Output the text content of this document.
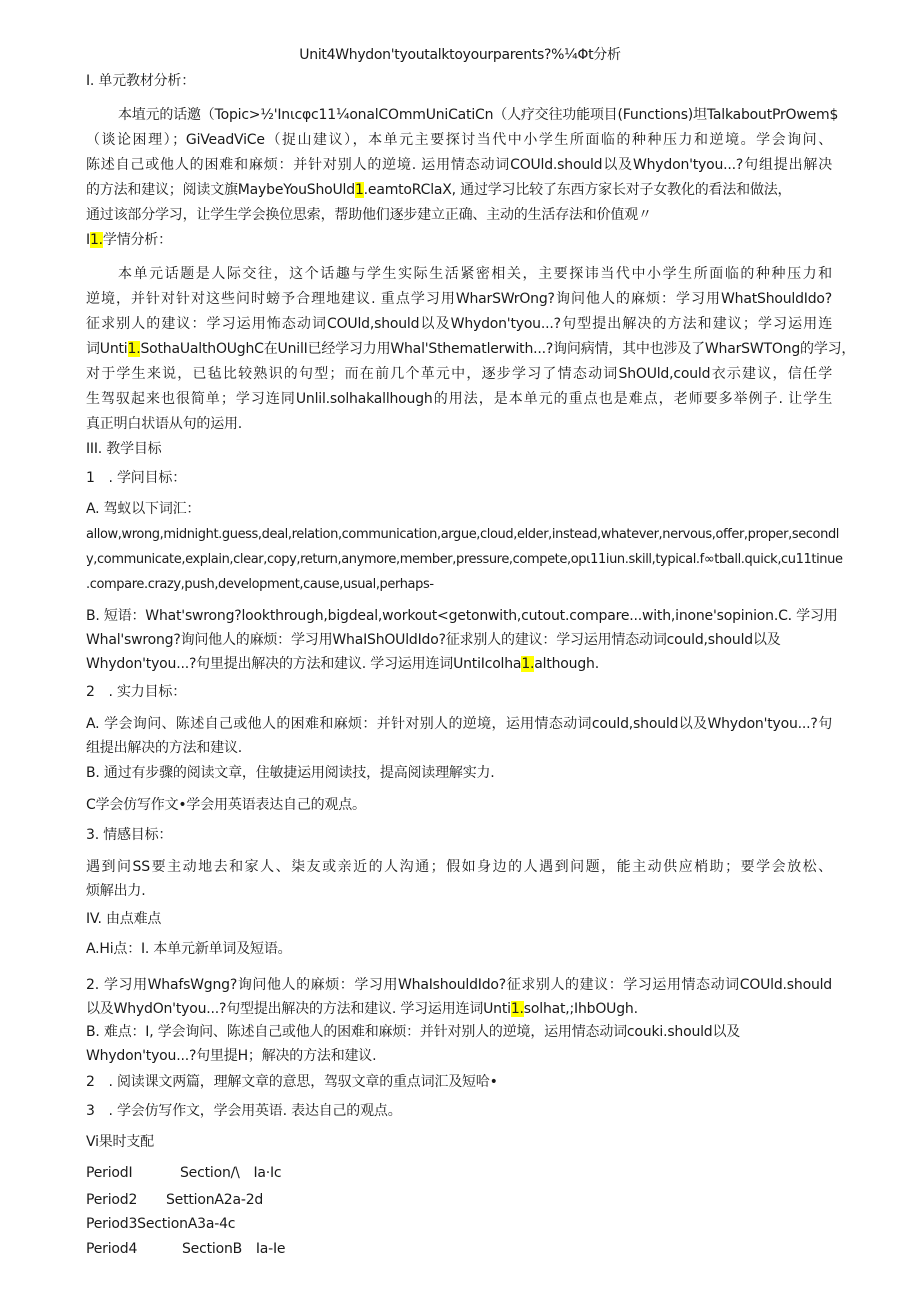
Unit4Whydon'tyoutalktoyourparents?%¼Φt分析
I. 单元教材分析：
本埴元的话邀（Topic>½'Inιcφc11¼onalCOmmUniCatiCn（人疗交往功能项目(Functions)坦TalkaboutPrOwem$
（谈论困理）；GiVeadViCe（捉山建议），本单元主要探讨当代中小学生所面临的种种压力和逆境。学会询问、
陈述自己或他人的困难和麻烦：并针对别人的逆境. 运用情态动词COUld.should以及Whydon'tyou...?句组提出解决
的方法和建议；阅读文旗MaybeYouShoUld1.eamtoRClaX, 通过学习比较了东西方家长对子女教化的看法和做法，
通过该部分学习，让学生学会换位思索，帮助他们逐步建立正确、主动的生活存法和价值观〃
I1.学情分析：
本单元话题是人际交往，这个话趣与学生实际生活紧密相关，主要探讳当代中小学生所面临的种种压力和
逆境，并针对针对这些问时螃予合理地建议. 重点学习用WharSWrOng?询问他人的麻烦：学习用WhatShouldIdo?
征求别人的建议：学习运用怖态动词COUld,should以及Whydon'tyou...?句型提出解决的方法和建议；学习运用连
词Unti1.SothaUalthOUghC在UnilI已经学习力用Whal'Sthematlerwith...?询问病情，其中也涉及了WharSWTOng的学习，
对于学生来说，已毡比较熟识的句型；而在前几个革元中，逐步学习了情态动词ShOUld,could衣示建议，信任学
生驾驭起来也很简单；学习连同Unlil.solhakallhough的用法，是本单元的重点也是难点，老师要多举例子. 让学生
真正明白状语从句的运用.
III. 教学目标
1　. 学问目标：
A. 驾蚁以下词汇：
allow,wrong,midnight.guess,deal,relation,communication,argue,cloud,elder,instead,whatever,nervous,offer,proper,secondl
y,communicate,explain,clear,copy,return,anymore,member,pressure,compete,opι11iun.skill,typical.f∞tball.quick,cu11tinue
.compare.crazy,push,development,cause,usual,perhaps-
B. 短语：What'swrong?lookthrough,bigdeal,workout<getonwith,cutout.compare...with,inone'sopinion.C. 学习用
Whal'swrong?询问他人的麻烦：学习用WhaIShOUldIdo?征求别人的建议：学习运用情态动词could,should以及
Whydon'tyou...?句里提出解决的方法和建议. 学习运用连词UntiIcolha1.although.
2　. 实力目标：
A. 学会询问、陈述自己或他人的困难和麻烦：并针对别人的逆境，运用情态动词could,should以及Whydon'tyou...?句
组提出解决的方法和建议.
B. 通过有步骤的阅读文章，住敏捷运用阅读技，提高阅读理解实力.
C学会仿写作文•学会用英语表达自己的观点。
3. 情感目标：
遇到问SS要主动地去和家人、柒友或亲近的人沟通；假如身边的人遇到问题，能主动供应梢助；要学会放松、
烦解出力.
IV. 由点难点
A.Hi点：I. 本单元新单词及短语。
2. 学习用WhafsWgng?询问他人的麻烦：学习用WhaIshouldIdo?征求别人的建议：学习运用情态动词COUld.should
以及WhydOn'tyou...?句型提出解决的方法和建议. 学习运用连词Unti1.solhat,;IhbOUgh.
B. 难点：I, 学会询问、陈述自己或他人的困难和麻烦：并针对别人的逆境，运用情态动词couki.should以及
Whydon'tyou...?句里提H；解决的方法和建议.
2　. 阅读课文两篇，理解文章的意思，驾驭文章的重点词汇及短哈•
3　. 学会仿写作文，学会用英语. 表达自己的观点。
Vi果时支配
PeriodI	Section∕\　Ia·Ic
Period2 SettionA2a-2d
Period3SectionA3a-4c
Period4	SectionB　Ia-Ie
